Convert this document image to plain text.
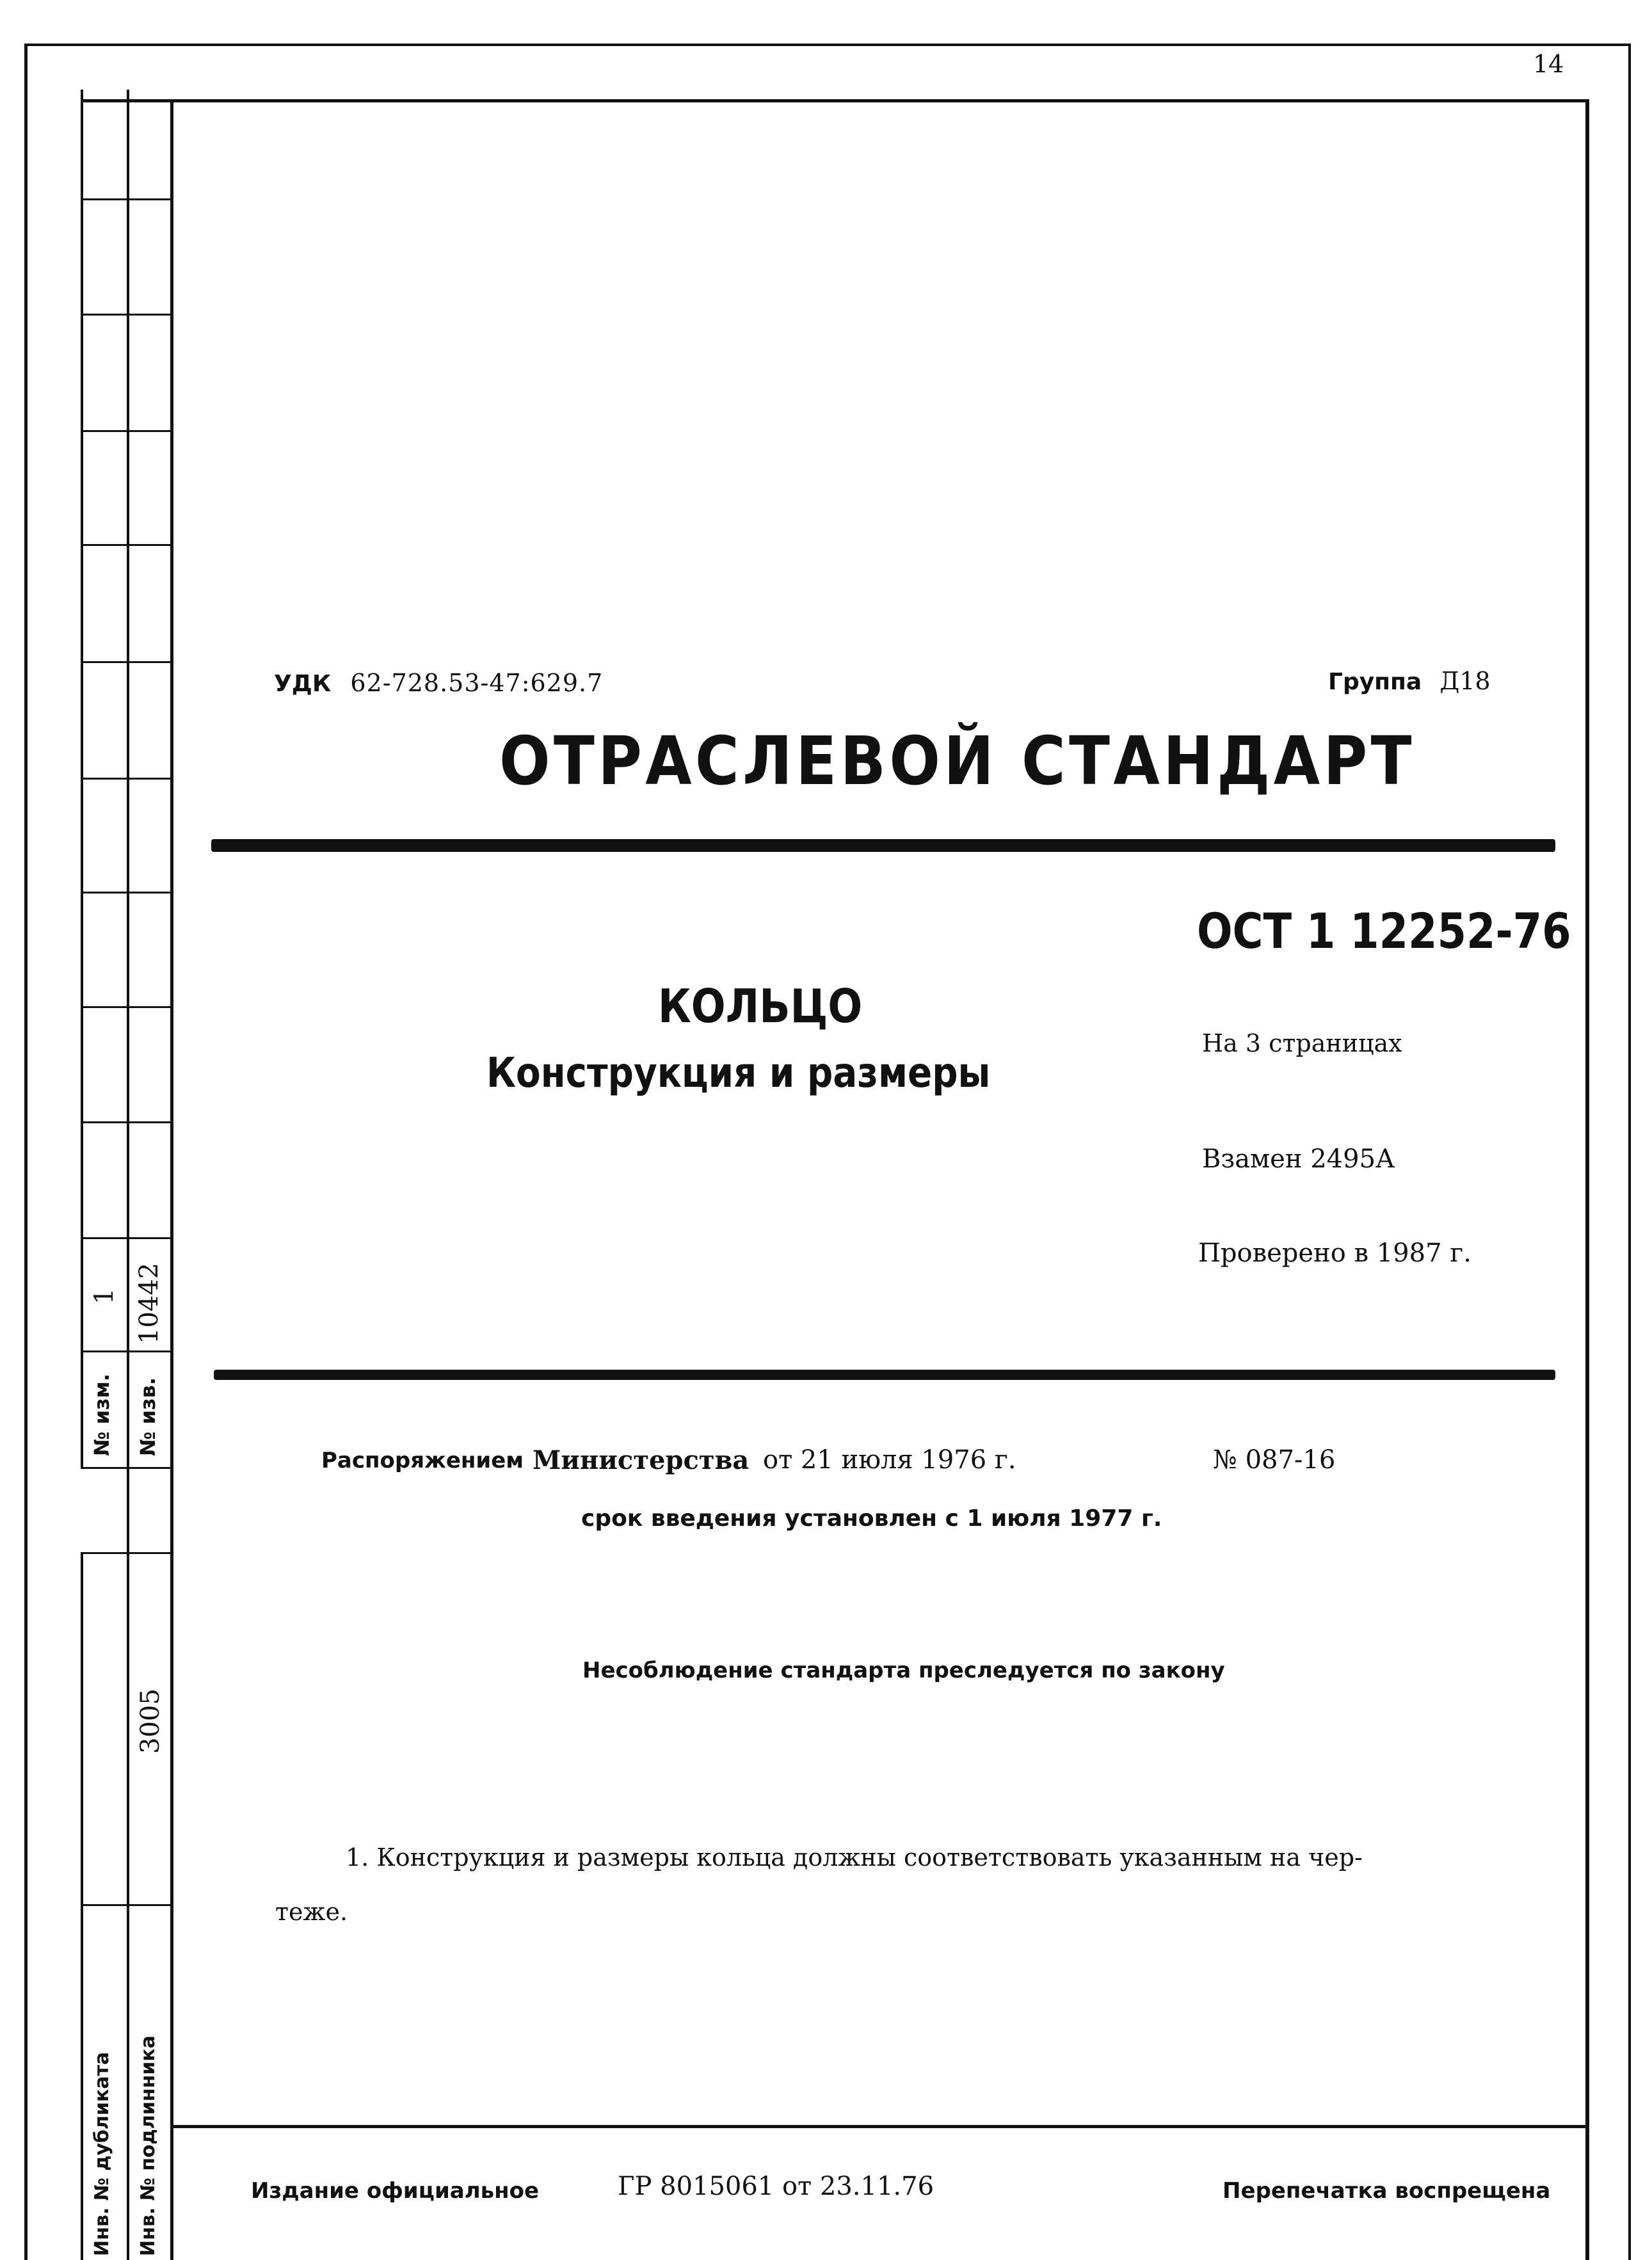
14
УДК 62-728.53-47:629.7	Группа Д18
ОТРАСЛЕВОЙ СТАНДАРТ
ОСТ 1 12252-76
На 3 страницах
Взамен 2495А
Проверено в 1987 г.
КОЛЬЦО
Конструкция и размеры
Распоряжением Министерства от 21 июля 1976 г.	№ 087-16
срок введения установлен с 1 июля 1977 г.
Несоблюдение стандарта преследуется по закону
1. Конструкция и размеры кольца должны соответствовать указанным на чер-
теже.
Издание официальное	ГР 8015061 от 23.11.76	Перепечатка воспрещена
№ изм.
1
№ изв.
10442
Инв. № дубликата Инв. № подлинника
3005
